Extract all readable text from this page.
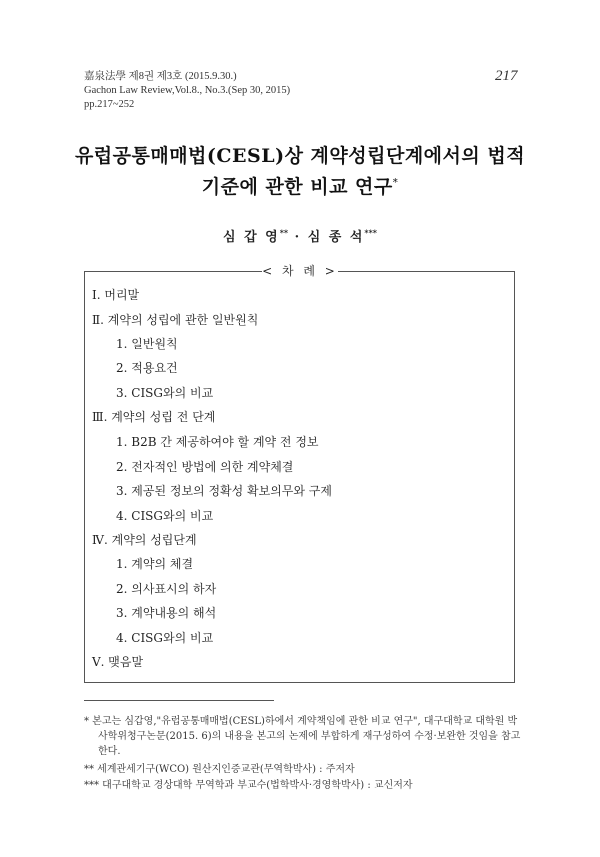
嘉泉法學 제8권 제3호 (2015.9.30.)
Gachon Law Review,Vol.8., No.3.(Sep 30, 2015)
pp.217~252
217
유럽공통매매법(CESL)상 계약성립단계에서의 법적
기준에 관한 비교 연구*
심 갑 영** · 심 종 석***
< 차 례 >
Ⅰ. 머리말
Ⅱ. 계약의 성립에 관한 일반원칙
1. 일반원칙
2. 적용요건
3. CISG와의 비교
Ⅲ. 계약의 성립 전 단계
1. B2B 간 제공하여야 할 계약 전 정보
2. 전자적인 방법에 의한 계약체결
3. 제공된 정보의 정확성 확보의무와 구제
4. CISG와의 비교
Ⅳ. 계약의 성립단계
1. 계약의 체결
2. 의사표시의 하자
3. 계약내용의 해석
4. CISG와의 비교
Ⅴ. 맺음말
* 본고는 심갑영,"유럽공통매매법(CESL)하에서 계약책임에 관한 비교 연구", 대구대학교 대학원 박사학위청구논문(2015. 6)의 내용을 본고의 논제에 부합하게 재구성하여 수정·보완한 것임을 참고한다.
** 세계관세기구(WCO) 원산지인증교관(무역학박사) : 주저자
*** 대구대학교 경상대학 무역학과 부교수(법학박사·경영학박사) : 교신저자
